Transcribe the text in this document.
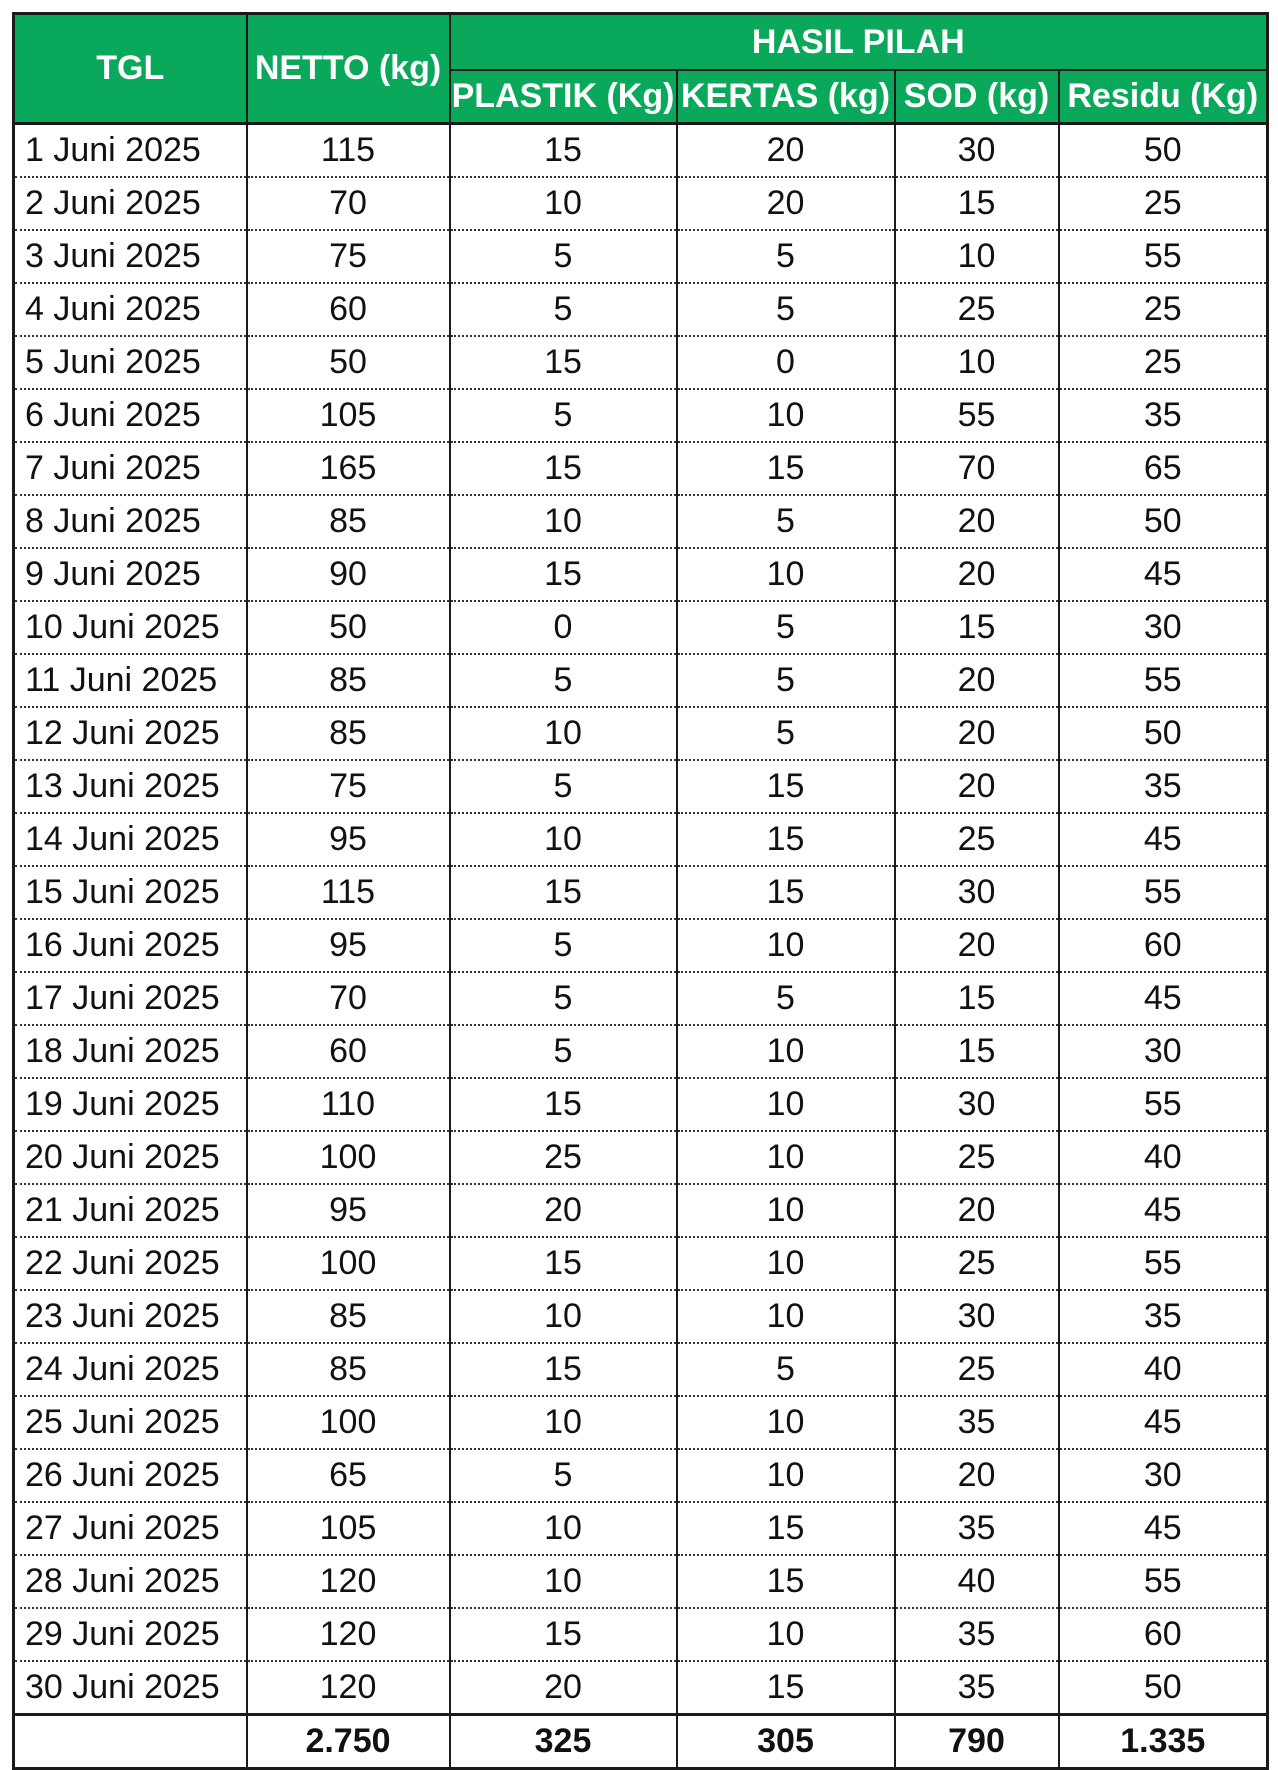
TGL	NETTO (kg)	HASIL PILAH			
		PLASTIK (Kg)	KERTAS (kg)	SOD (kg)	Residu (Kg)
1 Juni 2025	115	15	20	30	50
2 Juni 2025	70	10	20	15	25
3 Juni 2025	75	5	5	10	55
4 Juni 2025	60	5	5	25	25
5 Juni 2025	50	15	0	10	25
6 Juni 2025	105	5	10	55	35
7 Juni 2025	165	15	15	70	65
8 Juni 2025	85	10	5	20	50
9 Juni 2025	90	15	10	20	45
10 Juni 2025	50	0	5	15	30
11 Juni 2025	85	5	5	20	55
12 Juni 2025	85	10	5	20	50
13 Juni 2025	75	5	15	20	35
14 Juni 2025	95	10	15	25	45
15 Juni 2025	115	15	15	30	55
16 Juni 2025	95	5	10	20	60
17 Juni 2025	70	5	5	15	45
18 Juni 2025	60	5	10	15	30
19 Juni 2025	110	15	10	30	55
20 Juni 2025	100	25	10	25	40
21 Juni 2025	95	20	10	20	45
22 Juni 2025	100	15	10	25	55
23 Juni 2025	85	10	10	30	35
24 Juni 2025	85	15	5	25	40
25 Juni 2025	100	10	10	35	45
26 Juni 2025	65	5	10	20	30
27 Juni 2025	105	10	15	35	45
28 Juni 2025	120	10	15	40	55
29 Juni 2025	120	15	10	35	60
30 Juni 2025	120	20	15	35	50
	2.750	325	305	790	1.335
